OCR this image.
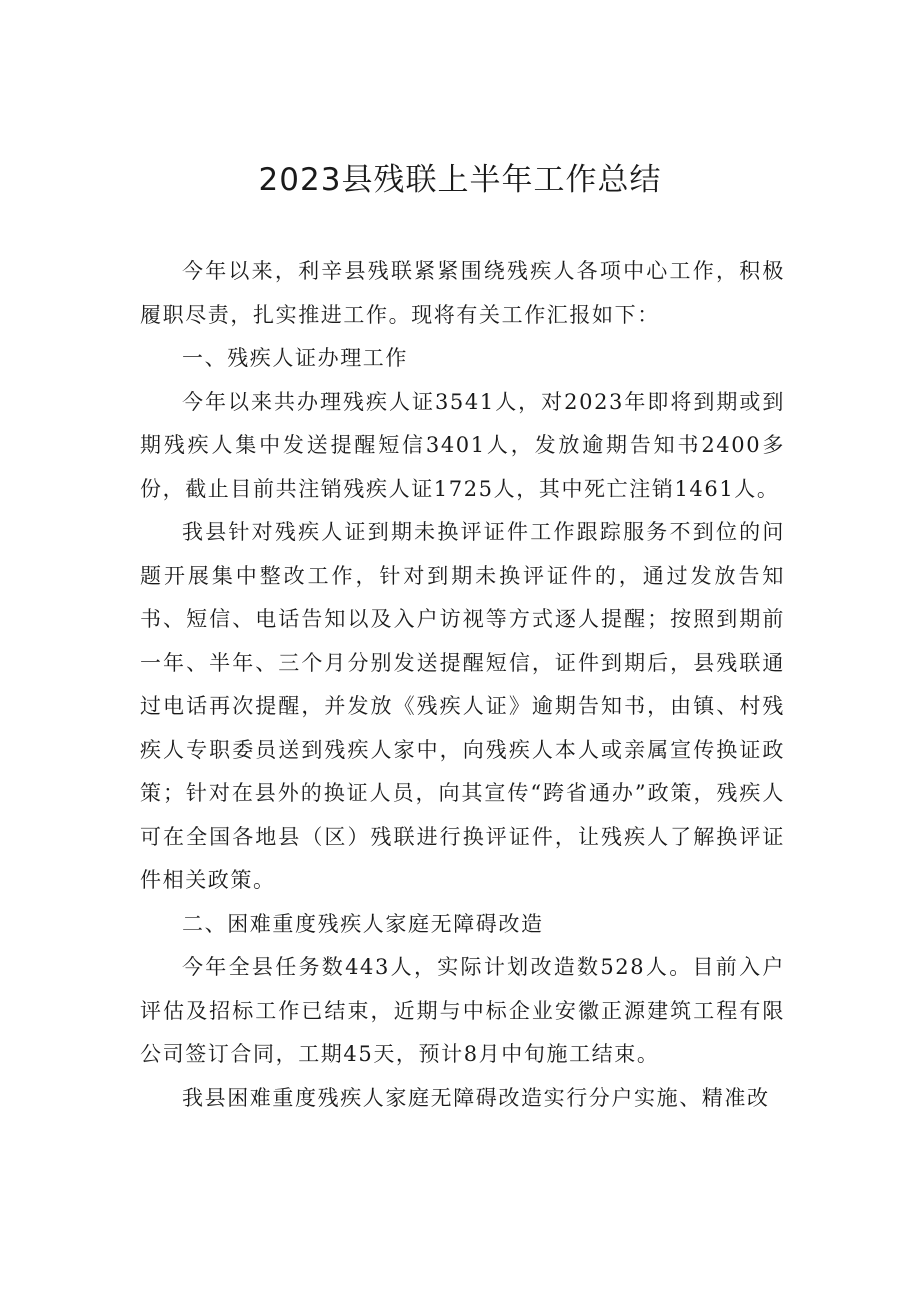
2023县残联上半年工作总结

今年以来，利辛县残联紧紧围绕残疾人各项中心工作，积极履职尽责，扎实推进工作。现将有关工作汇报如下：

一、残疾人证办理工作

今年以来共办理残疾人证3541人，对2023年即将到期或到期残疾人集中发送提醒短信3401人，发放逾期告知书2400多份，截止目前共注销残疾人证1725人，其中死亡注销1461人。

我县针对残疾人证到期未换评证件工作跟踪服务不到位的问题开展集中整改工作，针对到期未换评证件的，通过发放告知书、短信、电话告知以及入户访视等方式逐人提醒；按照到期前一年、半年、三个月分别发送提醒短信，证件到期后，县残联通过电话再次提醒，并发放《残疾人证》逾期告知书，由镇、村残疾人专职委员送到残疾人家中，向残疾人本人或亲属宣传换证政策；针对在县外的换证人员，向其宣传“跨省通办”政策，残疾人可在全国各地县（区）残联进行换评证件，让残疾人了解换评证件相关政策。

二、困难重度残疾人家庭无障碍改造

今年全县任务数443人，实际计划改造数528人。目前入户评估及招标工作已结束，近期与中标企业安徽正源建筑工程有限公司签订合同，工期45天，预计8月中旬施工结束。

我县困难重度残疾人家庭无障碍改造实行分户实施、精准改
